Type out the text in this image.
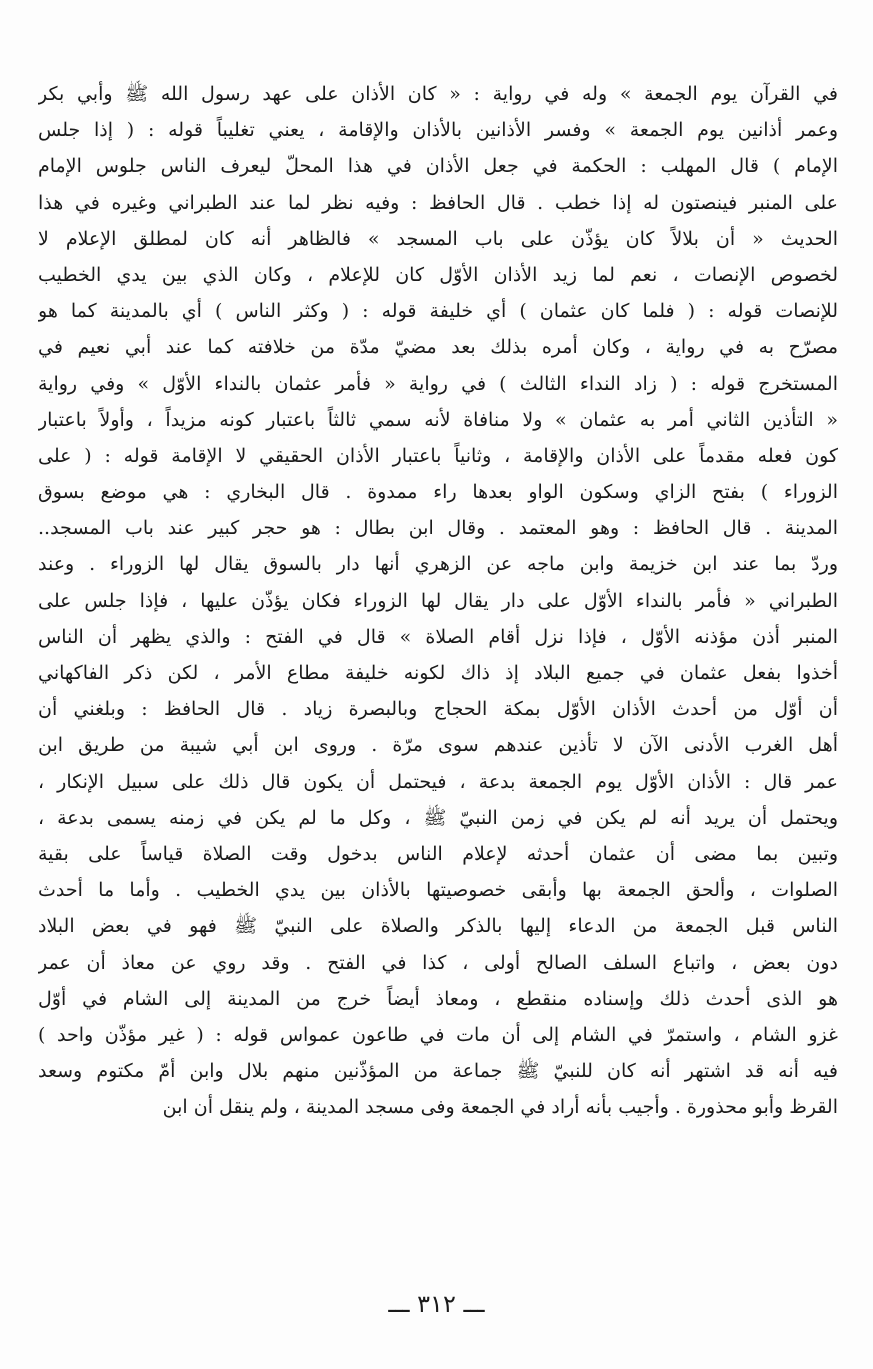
في القرآن يوم الجمعة » وله في رواية : « كان الأذان على عهد رسول الله ﷺ وأبي بكر
وعمر أذانين يوم الجمعة » وفسر الأذانين بالأذان والإقامة ، يعني تغليباً قوله : ( إذا جلس
الإمام ) قال المهلب : الحكمة في جعل الأذان في هذا المحلّ ليعرف الناس جلوس الإمام
على المنبر فينصتون له إذا خطب . قال الحافظ : وفيه نظر لما عند الطبراني وغيره في هذا
الحديث « أن بلالاً كان يؤذّن على باب المسجد » فالظاهر أنه كان لمطلق الإعلام لا
لخصوص الإنصات ، نعم لما زيد الأذان الأوّل كان للإعلام ، وكان الذي بين يدي الخطيب
للإنصات قوله : ( فلما كان عثمان ) أي خليفة قوله : ( وكثر الناس ) أي بالمدينة كما هو
مصرّح به في رواية ، وكان أمره بذلك بعد مضيّ مدّة من خلافته كما عند أبي نعيم في
المستخرج قوله : ( زاد النداء الثالث ) في رواية « فأمر عثمان بالنداء الأوّل » وفي رواية
« التأذين الثاني أمر به عثمان » ولا منافاة لأنه سمي ثالثاً باعتبار كونه مزيداً ، وأولاً باعتبار
كون فعله مقدماً على الأذان والإقامة ، وثانياً باعتبار الأذان الحقيقي لا الإقامة قوله : ( على
الزوراء ) بفتح الزاي وسكون الواو بعدها راء ممدوة . قال البخاري : هي موضع بسوق
المدينة . قال الحافظ : وهو المعتمد . وقال ابن بطال : هو حجر كبير عند باب المسجد..
وردّ بما عند ابن خزيمة وابن ماجه عن الزهري أنها دار بالسوق يقال لها الزوراء . وعند
الطبراني « فأمر بالنداء الأوّل على دار يقال لها الزوراء فكان يؤذّن عليها ، فإذا جلس على
المنبر أذن مؤذنه الأوّل ، فإذا نزل أقام الصلاة » قال في الفتح : والذي يظهر أن الناس
أخذوا بفعل عثمان في جميع البلاد إذ ذاك لكونه خليفة مطاع الأمر ، لكن ذكر الفاكهاني
أن أوّل من أحدث الأذان الأوّل بمكة الحجاج وبالبصرة زياد . قال الحافظ : وبلغني أن
أهل الغرب الأدنى الآن لا تأذين عندهم سوى مرّة . وروى ابن أبي شيبة من طريق ابن
عمر قال : الأذان الأوّل يوم الجمعة بدعة ، فيحتمل أن يكون قال ذلك على سبيل الإنكار ،
ويحتمل أن يريد أنه لم يكن في زمن النبيّ ﷺ ، وكل ما لم يكن في زمنه يسمى بدعة ،
وتبين بما مضى أن عثمان أحدثه لإعلام الناس بدخول وقت الصلاة قياساً على بقية
الصلوات ، وألحق الجمعة بها وأبقى خصوصيتها بالأذان بين يدي الخطيب . وأما ما أحدث
الناس قبل الجمعة من الدعاء إليها بالذكر والصلاة على النبيّ ﷺ فهو في بعض البلاد
دون بعض ، واتباع السلف الصالح أولى ، كذا في الفتح . وقد روي عن معاذ أن عمر
هو الذى أحدث ذلك وإسناده منقطع ، ومعاذ أيضاً خرج من المدينة إلى الشام في أوّل
غزو الشام ، واستمرّ في الشام إلى أن مات في طاعون عمواس قوله : ( غير مؤذّن واحد )
فيه أنه قد اشتهر أنه كان للنبيّ ﷺ جماعة من المؤذّنين منهم بلال وابن أمّ مكتوم وسعد
القرظ وأبو محذورة . وأجيب بأنه أراد في الجمعة وفى مسجد المدينة ، ولم ينقل أن ابن
ـــ ٣١٢ ـــ
